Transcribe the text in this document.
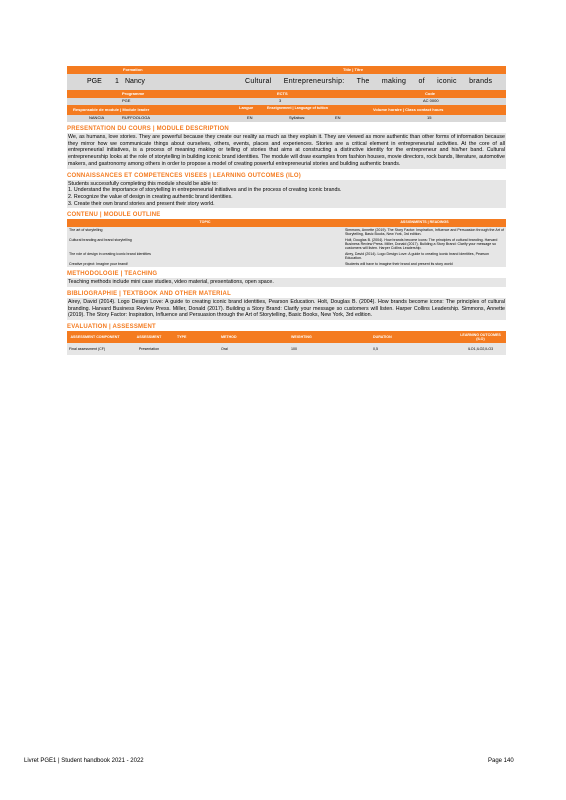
Formation	Title | Titre
PGE 1 Nancy	Cultural Entrepreneurship: The making of iconic brands
Programme	ECTS	Code
PGE	3	AC 0000
Responsable de module | Module leader	Langue	Enseignement | Language of tuition	Volume horaire | Class contact hours
NANCIA	RUFFOOLOGA	EN	Syllabus:	EN	15
PRESENTATION DU COURS | MODULE DESCRIPTION

We, as humans, love stories. They are powerful because they create our reality as much as they explain it. They are viewed as more authentic than other forms of information because they mirror how we communicate things about ourselves, others, events, places and experiences. Stories are a critical element in entrepreneurial activities. At the core of all entrepreneurial initiatives, is a process of meaning making or telling of stories that aims at constructing a distinctive identity for the entrepreneur and his/her band. Cultural entrepreneurship looks at the role of storytelling in building iconic brand identities. The module will draw examples from fashion houses, movie directors, rock bands, literature, automotive makers, and gastronomy among others in order to propose a model of creating powerful entrepreneurial stories and building authentic brands.

CONNAISSANCES ET COMPETENCES VISEES | LEARNING OUTCOMES (ILO)

Students successfully completing this module should be able to:

1. Understand the importance of storytelling in entrepreneurial initiatives and in the process of creating iconic brands.

2. Recognize the value of design in creating authentic brand identities.

3. Create their own brand stories and present their story world.

CONTENU | MODULE OUTLINE
TOPIC	ASSIGNMENTS | READINGS
The art of storytelling	Simmons, Annette (2019). The Story Factor: Inspiration, Influence and Persuasion through the Art of Storytelling, Basic Books, New York, 3rd edition.
Cultural branding and brand storytelling	Holt, Douglas B. (2004). How brands become icons: The principles of cultural branding. Harvard Business Review Press. Miller, Donald (2017). Building a Story Brand: Clarify your message so customers will listen. Harper Collins Leadership.
The role of design in creating iconic brand identities	Airey, David (2014). Logo Design Love: A guide to creating iconic brand identities, Pearson Education.
Creative project: Imagine your brand!	Students will have to imagine their brand and present its story world
METHODOLOGIE | TEACHING

Teaching methods include mini case studies, video material, presentations, open space.

BIBLIOGRAPHIE | TEXTBOOK AND OTHER MATERIAL

Airey, David (2014). Logo Design Love: A guide to creating iconic brand identities, Pearson Education. Holt, Douglas B. (2004). How brands become icons: The principles of cultural branding. Harvard Business Review Press. Miller, Donald (2017). Building a Story Brand: Clarify your message so customers will listen. Harper Collins Leadership. Simmons, Annette (2019). The Story Factor: Inspiration, Influence and Persuasion through the Art of Storytelling, Basic Books, New York, 3rd edition.

EVALUATION | ASSESSMENT
ASSESSMENT COMPONENT	ASSESSMENT	TYPE	METHOD	WEIGHTING	DURATION	LEARNING OUTCOMES (ILO)
Final assessment (CF)	Presentation		Oral	100	0,5	ILO1,ILO2,ILO3
Livret PGE1 | Student handbook 2021 - 2022	Page 140
